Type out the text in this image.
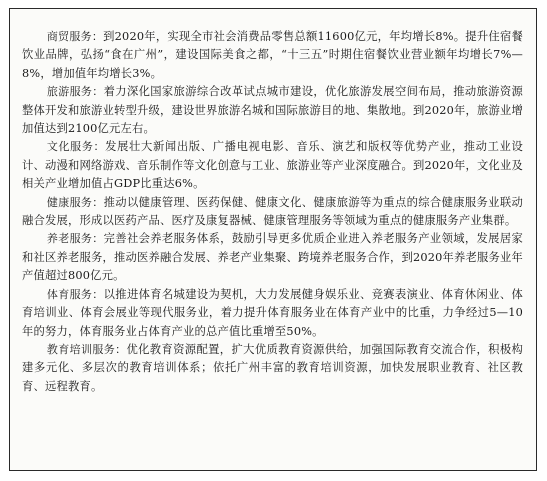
商贸服务：到2020年，实现全市社会消费品零售总额11600亿元，年均增长8%。提升住宿餐饮业品牌，弘扬“食在广州”，建设国际美食之都，“十三五”时期住宿餐饮业营业额年均增长7%—8%，增加值年均增长3%。

旅游服务：着力深化国家旅游综合改革试点城市建设，优化旅游发展空间布局，推动旅游资源整体开发和旅游业转型升级，建设世界旅游名城和国际旅游目的地、集散地。到2020年，旅游业增加值达到2100亿元左右。

文化服务：发展壮大新闻出版、广播电视电影、音乐、演艺和版权等优势产业，推动工业设计、动漫和网络游戏、音乐制作等文化创意与工业、旅游业等产业深度融合。到2020年，文化业及相关产业增加值占GDP比重达6%。

健康服务：推动以健康管理、医药保健、健康文化、健康旅游等为重点的综合健康服务业联动融合发展，形成以医药产品、医疗及康复器械、健康管理服务等领域为重点的健康服务产业集群。

养老服务：完善社会养老服务体系，鼓励引导更多优质企业进入养老服务产业领域，发展居家和社区养老服务，推动医养融合发展、养老产业集聚、跨境养老服务合作，到2020年养老服务业年产值超过800亿元。

体育服务：以推进体育名城建设为契机，大力发展健身娱乐业、竞赛表演业、体育休闲业、体育培训业、体育会展业等现代服务业，着力提升体育服务业在体育产业中的比重，力争经过5—10年的努力，体育服务业占体育产业的总产值比重增至50%。

教育培训服务：优化教育资源配置，扩大优质教育资源供给，加强国际教育交流合作，积极构建多元化、多层次的教育培训体系；依托广州丰富的教育培训资源，加快发展职业教育、社区教育、远程教育。
